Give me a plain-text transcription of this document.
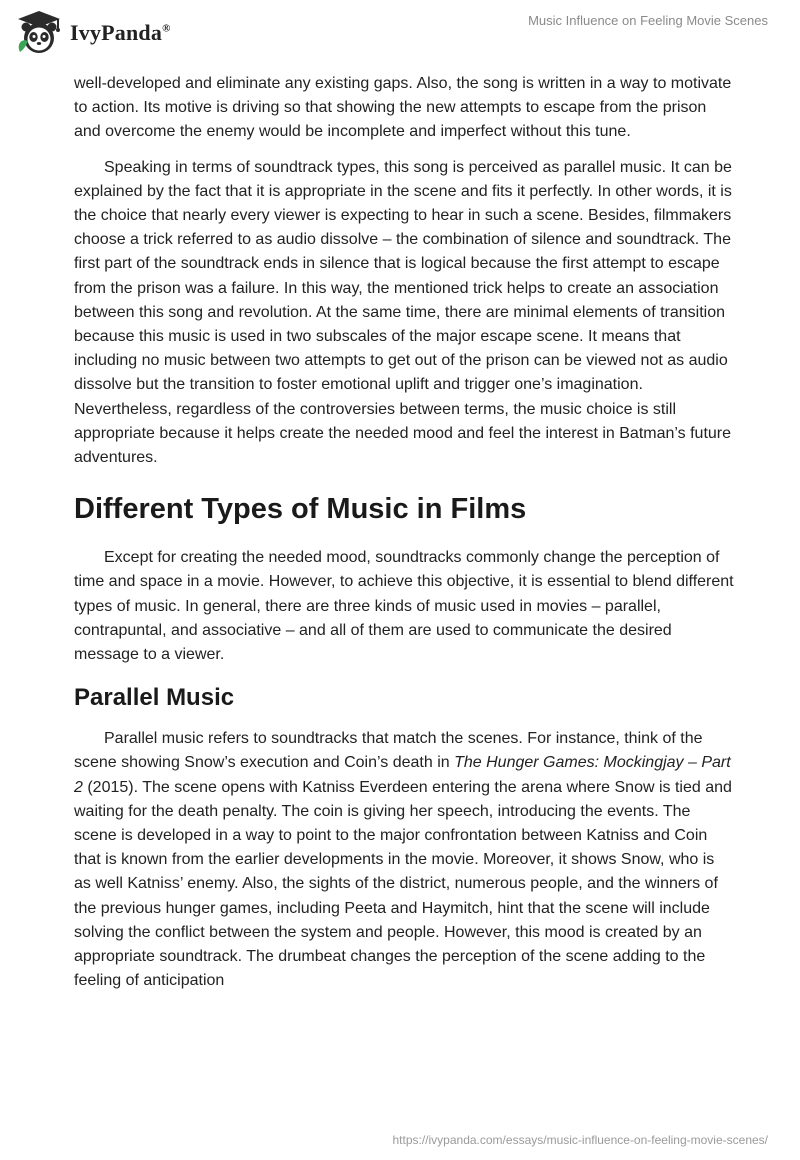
IvyPanda®
Music Influence on Feeling Movie Scenes

well-developed and eliminate any existing gaps. Also, the song is written in a way to motivate to action. Its motive is driving so that showing the new attempts to escape from the prison and overcome the enemy would be incomplete and imperfect without this tune.

Speaking in terms of soundtrack types, this song is perceived as parallel music. It can be explained by the fact that it is appropriate in the scene and fits it perfectly. In other words, it is the choice that nearly every viewer is expecting to hear in such a scene. Besides, filmmakers choose a trick referred to as audio dissolve – the combination of silence and soundtrack. The first part of the soundtrack ends in silence that is logical because the first attempt to escape from the prison was a failure. In this way, the mentioned trick helps to create an association between this song and revolution. At the same time, there are minimal elements of transition because this music is used in two subscales of the major escape scene. It means that including no music between two attempts to get out of the prison can be viewed not as audio dissolve but the transition to foster emotional uplift and trigger one’s imagination. Nevertheless, regardless of the controversies between terms, the music choice is still appropriate because it helps create the needed mood and feel the interest in Batman’s future adventures.

Different Types of Music in Films

Except for creating the needed mood, soundtracks commonly change the perception of time and space in a movie. However, to achieve this objective, it is essential to blend different types of music. In general, there are three kinds of music used in movies – parallel, contrapuntal, and associative – and all of them are used to communicate the desired message to a viewer.

Parallel Music

Parallel music refers to soundtracks that match the scenes. For instance, think of the scene showing Snow’s execution and Coin’s death in The Hunger Games: Mockingjay – Part 2 (2015). The scene opens with Katniss Everdeen entering the arena where Snow is tied and waiting for the death penalty. The coin is giving her speech, introducing the events. The scene is developed in a way to point to the major confrontation between Katniss and Coin that is known from the earlier developments in the movie. Moreover, it shows Snow, who is as well Katniss’ enemy. Also, the sights of the district, numerous people, and the winners of the previous hunger games, including Peeta and Haymitch, hint that the scene will include solving the conflict between the system and people. However, this mood is created by an appropriate soundtrack. The drumbeat changes the perception of the scene adding to the feeling of anticipation

https://ivypanda.com/essays/music-influence-on-feeling-movie-scenes/
